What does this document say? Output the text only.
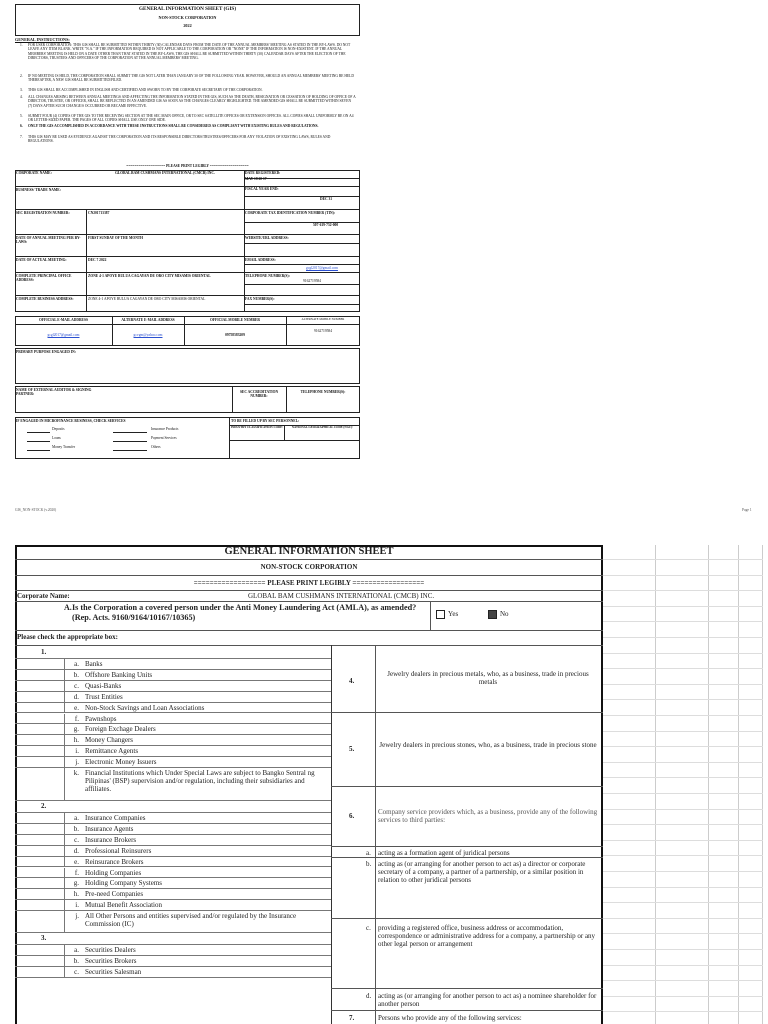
GENERAL INFORMATION SHEET (GIS)
NON-STOCK CORPORATION
2022
GENERAL INSTRUCTIONS:
1.	FOR USER CORPORATION: THIS GIS SHALL BE SUBMITTED WITHIN THIRTY (30) CALENDAR DAYS FROM THE DATE OF THE ANNUAL MEMBERS' MEETING AS STATED IN THE BY-LAWS. DO NOT LEAVE ANY ITEM BLANK. WRITE "N.A." IF THE INFORMATION REQUIRED IS NOT APPLICABLE TO THE CORPORATION OR "NONE" IF THE INFORMATION IS NON-EXISTENT. IF THE ANNUAL MEMBERS' MEETING IS HELD ON A DATE OTHER THAN THAT STATED IN THE BY-LAWS, THE GIS SHALL BE SUBMITTED WITHIN THIRTY (30) CALENDAR DAYS AFTER THE ELECTION OF THE DIRECTORS, TRUSTEES AND OFFICERS OF THE CORPORATION AT THE ANNUAL MEMBERS' MEETING.
2.	IF NO MEETING IS HELD, THE CORPORATION SHALL SUBMIT THE GIS NOT LATER THAN JANUARY 30 OF THE FOLLOWING YEAR. HOWEVER, SHOULD AN ANNUAL MEMBERS' MEETING BE HELD THEREAFTER, A NEW GIS SHALL BE SUBMITTED/FILED.
3.	THIS GIS SHALL BE ACCOMPLISHED IN ENGLISH AND CERTIFIED AND SWORN TO BY THE CORPORATE SECRETARY OF THE CORPORATION.
4.	ALL CHANGES ARISING BETWEEN ANNUAL MEETINGS AND AFFECTING THE INFORMATION STATED IN THE GIS, SUCH AS THE DEATH, RESIGNATION OR CESSATION OF HOLDING OF OFFICE OF A DIRECTOR, TRUSTEE, OR OFFICER, SHALL BE REFLECTED IN AN AMENDED GIS AS SOON AS THE CHANGES CLEARLY HIGHLIGHTED. THE AMENDED GIS SHALL BE SUBMITTED WITHIN SEVEN (7) DAYS AFTER SUCH CHANGE/S OCCURRED OR BECAME EFFECTIVE.
5.	SUBMIT FOUR (4) COPIES OF THE GIS TO THE RECEIVING SECTION AT THE SEC MAIN OFFICE, OR TO SEC SATELLITE OFFICES OR EXTENSION OFFICES. ALL COPIES SHALL UNIFORMLY BE ON A4 OR LETTER-SIZED PAPER. THE PAGES OF ALL COPIES SHALL USE ONLY ONE SIDE.
6.	ONLY THE GIS ACCOMPLISHED IN ACCORDANCE WITH THESE INSTRUCTIONS SHALL BE CONSIDERED AS COMPLIANT WITH EXISTING RULES AND REGULATIONS.
7.	THIS GIS MAY BE USED AS EVIDENCE AGAINST THE CORPORATION AND ITS RESPONSIBLE DIRECTORS/TRUSTEES/OFFICERS FOR ANY VIOLATION OF EXISTING LAWS, RULES AND REGULATIONS.
=================== PLEASE PRINT LEGIBLY ===================
CORPORATE NAME:	GLOBAL BAM CUSHMANS INTERNATIONAL (CMCB) INC.	DATE REGISTERED:
MAY 18 20 17
BUSINESS/ TRADE NAME:	FISCAL YEAR END:
DEC 31
SEC REGISTRATION NUMBER:	CN201713387	CORPORATE TAX IDENTIFICATION NUMBER (TIN):
507-619-752-000
DATE OF ANNUAL MEETING PER BY-LAWS:
FIRST SUNDAY OF THE MONTH	WEBSITE/URL ADDRESS:
DATE OF ACTUAL MEETING:	DEC 7 2022	EMAIL ADDRESS:
gcgl2017@gmail.com
COMPLETE PRINCIPAL OFFICE ADDRESS:
ZONE 4-1 APOYE BULUA CAGAYAN DE ORO CITY MISAMIS ORIENTAL	TELEPHONE NUMBER(S):
9162719584
COMPLETE BUSINESS ADDRESS:	ZONE 4-1 APOYE BULUA CAGAYAN DE ORO CITY MISAMIS ORIENTAL	FAX NUMBER(S):
OFFICIAL E-MAIL ADDRESS	ALTERNATE E-MAIL ADDRESS	OFFICIAL MOBILE NUMBER	ALTERNATE MOBILE NUMBER
gcgl2017@gmail.com	gcvgm@yahoo.com	09758583209
9162719584
PRIMARY PURPOSE ENGAGED IN:
NAME OF EXTERNAL AUDITOR & SIGNING PARTNER:
SEC ACCREDITATION NUMBER:
TELEPHONE NUMBER(S):
IF ENGAGED IN MICROFINANCE BUSINESS, CHECK SERVICES
Deposits
Loans
Money Transfer
Insurance Products
Payment Services
Others
TO BE FILLED UP BY SEC PERSONNEL:
INDUSTRY CLASSIFICATION CODE:	NATIONAL GEOGRAPHICAL CODE (NGC):
GIS_NON-STOCK (v.2020)	Page 1
GENERAL INFORMATION SHEET
NON-STOCK CORPORATION
================== PLEASE PRINT LEGIBLY ==================
Corporate Name:	GLOBAL BAM CUSHMANS INTERNATIONAL (CMCB) INC.
A. Is the Corporation a covered person under the Anti Money Laundering Act (AMLA), as amended? (Rep. Acts. 9160/9164/10167/10365)	Yes	No
Please check the appropriate box:
1.
a. Banks
b. Offshore Banking Units
c. Quasi-Banks
d. Trust Entities
e. Non-Stock Savings and Loan Associations
f. Pawnshops
g. Foreign Exchage Dealers
h. Money Changers
i. Remittance Agents
j. Electronic Money Issuers
k. Financial Institutions which Under Special Laws are subject to Bangko Sentral ng Pilipinas' (BSP) supervision and/or regulation, including their subsidiaries and affiliates.
2.
a. Insurance Companies
b. Insurance Agents
c. Insurance Brokers
d. Professional Reinsurers
e. Reinsurance Brokers
f. Holding Companies
g. Holding Company Systems
h. Pre-need Companies
i. Mutual Benefit Association
j. All Other Persons and entities supervised and/or regulated by the Insurance Commission (IC)
3.
a. Securities Dealers
b. Securities Brokers
c. Securities Salesman
4.
Jewelry dealers in precious metals, who, as a business, trade in precious metals
5.	Jewelry dealers in precious stones, who, as a business, trade in precious stone
6.	Company service providers which, as a business, provide any of the following services to third parties:
a. acting as a formation agent of juridical persons
b. acting as (or arranging for another person to act as) a director or corporate secretary of a company, a partner of a partnership, or a similar position in relation to other juridical persons
c. providing a registered office, business address or accommodation, correspondence or administrative address for a company, a partnership or any other legal person or arrangement
d. acting as (or arranging for another person to act as) a nominee shareholder for another person
7.	Persons who provide any of the following services:
